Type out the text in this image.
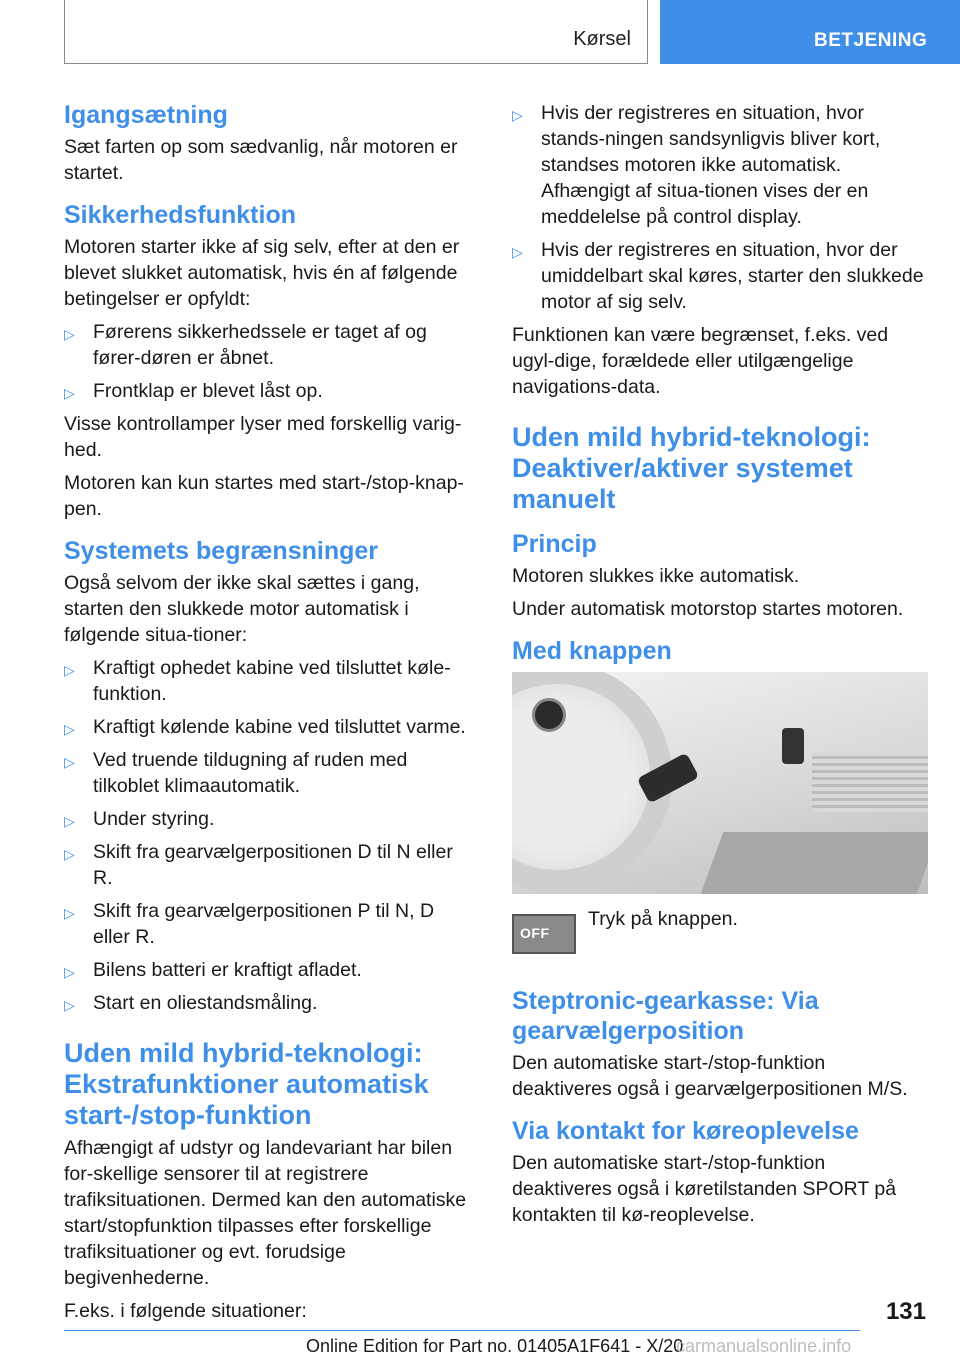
Kørsel	BETJENING
Igangsætning

Sæt farten op som sædvanlig, når motoren er startet.

Sikkerhedsfunktion

Motoren starter ikke af sig selv, efter at den er blevet slukket automatisk, hvis én af følgende betingelser er opfyldt:

▷ Førerens sikkerhedssele er taget af og fører-døren er åbnet.
▷ Frontklap er blevet låst op.

Visse kontrollamper lyser med forskellig varig-hed.

Motoren kan kun startes med start-/stop-knap-pen.

Systemets begrænsninger

Også selvom der ikke skal sættes i gang, starten den slukkede motor automatisk i følgende situa-tioner:

▷ Kraftigt ophedet kabine ved tilsluttet køle-funktion.
▷ Kraftigt kølende kabine ved tilsluttet varme.
▷ Ved truende tildugning af ruden med tilkoblet klimaautomatik.
▷ Under styring.
▷ Skift fra gearvælgerpositionen D til N eller R.
▷ Skift fra gearvælgerpositionen P til N, D eller R.
▷ Bilens batteri er kraftigt afladet.
▷ Start en oliestandsmåling.
Uden mild hybrid-teknologi: Ekstrafunktioner automatisk start-/stop-funktion

Afhængigt af udstyr og landevariant har bilen for-skellige sensorer til at registrere trafiksituationen. Dermed kan den automatiske start/stopfunktion tilpasses efter forskellige trafiksituationer og evt. forudsige begivenhederne.

F.eks. i følgende situationer:

▷ Hvis der registreres en situation, hvor stands-ningen sandsynligvis bliver kort, standses motoren ikke automatisk. Afhængigt af situa-tionen vises der en meddelelse på control display.
▷ Hvis der registreres en situation, hvor der umiddelbart skal køres, starter den slukkede motor af sig selv.

Funktionen kan være begrænset, f.eks. ved ugyl-dige, forældede eller utilgængelige navigations-data.

Uden mild hybrid-teknologi: Deaktiver/aktiver systemet manuelt
Princip

Motoren slukkes ikke automatisk.

Under automatisk motorstop startes motoren.

Med knappen
OFF

Tryk på knappen.

Steptronic-gearkasse: Via gearvælgerposition

Den automatiske start-/stop-funktion deaktiveres også i gearvælgerpositionen M/S.

Via kontakt for køreoplevelse

Den automatiske start-/stop-funktion deaktiveres også i køretilstanden SPORT på kontakten til kø-reoplevelse.

131
Online Edition for Part no. 01405A1F641 - X/20
carmanualsonline.info
